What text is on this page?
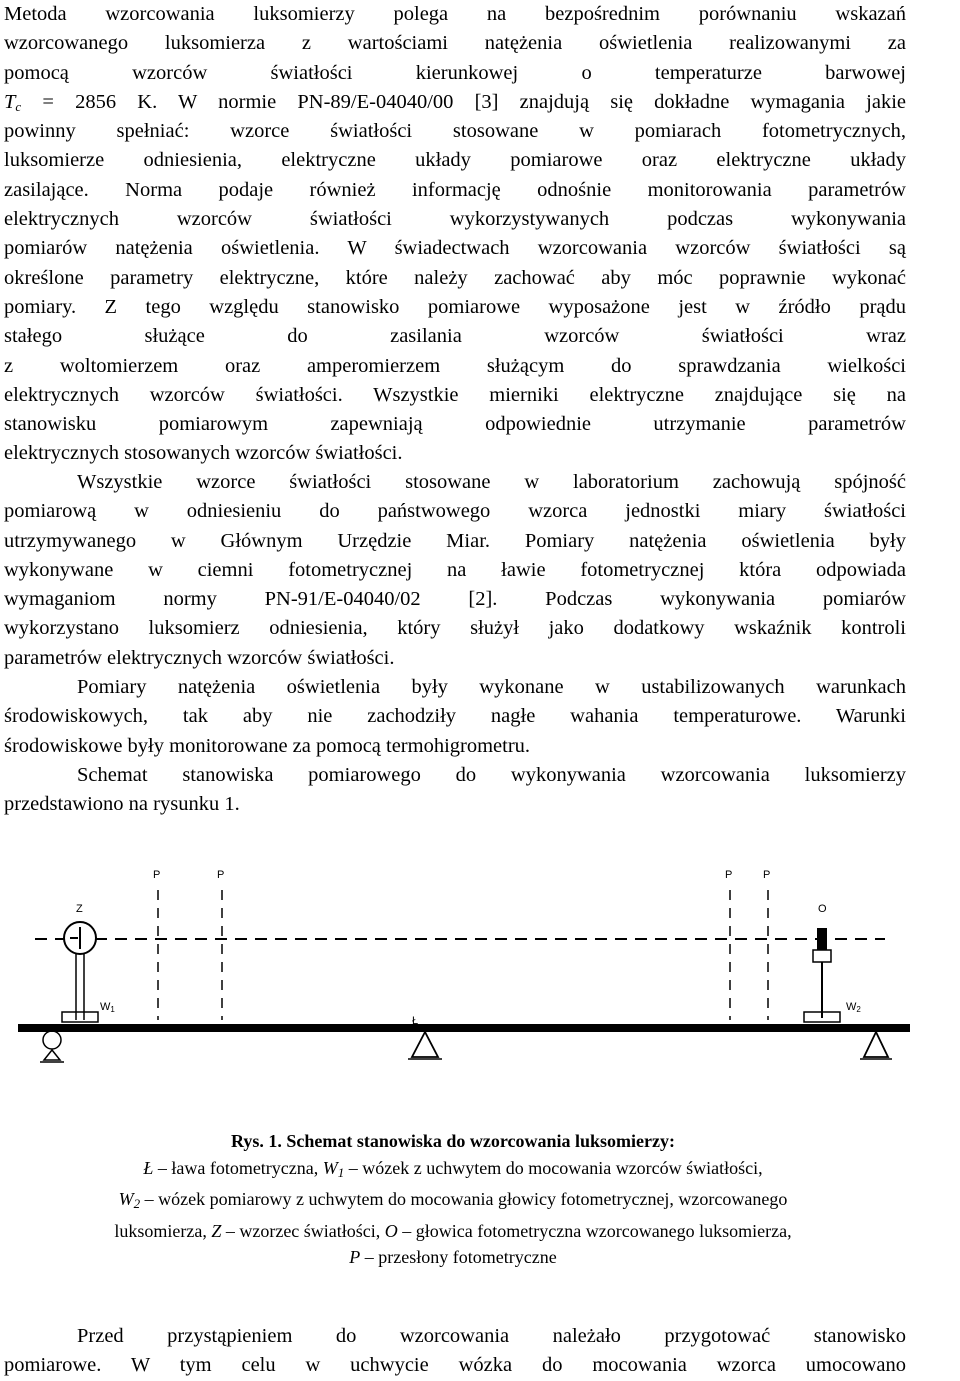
Metoda wzorcowania luksomierzy polega na bezpośrednim porównaniu wskazań
wzorcowanego luksomierza z wartościami natężenia oświetlenia realizowanymi za
pomocą wzorców światłości kierunkowej o temperaturze barwowej
$T_c = 2856$ K. W normie PN-89/E-04040/00 [3] znajdują się dokładne wymagania jakie
powinny spełniać: wzorce światłości stosowane w pomiarach fotometrycznych,
luksomierze odniesienia, elektryczne układy pomiarowe oraz elektryczne układy
zasilające. Norma podaje również informację odnośnie monitorowania parametrów
elektrycznych wzorców światłości wykorzystywanych podczas wykonywania
pomiarów natężenia oświetlenia. W świadectwach wzorcowania wzorców światłości są
określone parametry elektryczne, które należy zachować aby móc poprawnie wykonać
pomiary. Z tego względu stanowisko pomiarowe wyposażone jest w źródło prądu
stałego służące do zasilania wzorców światłości wraz
z woltomierzem oraz amperomierzem służącym do sprawdzania wielkości
elektrycznych wzorców światłości. Wszystkie mierniki elektryczne znajdujące się na
stanowisku pomiarowym zapewniają odpowiednie utrzymanie parametrów
elektrycznych stosowanych wzorców światłości.
Wszystkie wzorce światłości stosowane w laboratorium zachowują spójność
pomiarową w odniesieniu do państwowego wzorca jednostki miary światłości
utrzymywanego w Głównym Urzędzie Miar. Pomiary natężenia oświetlenia były
wykonywane w ciemni fotometrycznej na ławie fotometrycznej która odpowiada
wymaganiom normy PN-91/E-04040/02 [2]. Podczas wykonywania pomiarów
wykorzystano luksomierz odniesienia, który służył jako dodatkowy wskaźnik kontroli
parametrów elektrycznych wzorców światłości.
Pomiary natężenia oświetlenia były wykonane w ustabilizowanych warunkach
środowiskowych, tak aby nie zachodziły nagłe wahania temperaturowe. Warunki
środowiskowe były monitorowane za pomocą termohigrometru.
Schemat stanowiska pomiarowego do wykonywania wzorcowania luksomierzy
przedstawiono na rysunku 1.
P	P	P	P
Z
W1
O
W2
Ł
Rys. 1. Schemat stanowiska do wzorcowania luksomierzy:
Ł – ława fotometryczna, $W_1$ – wózek z uchwytem do mocowania wzorców światłości,
$W_2$ – wózek pomiarowy z uchwytem do mocowania głowicy fotometrycznej, wzorcowanego
luksomierza, Z – wzorzec światłości, O – głowica fotometryczna wzorcowanego luksomierza,
P – przesłony fotometryczne
Przed przystąpieniem do wzorcowania należało przygotować stanowisko
pomiarowe. W tym celu w uchwycie wózka do mocowania wzorca umocowano
